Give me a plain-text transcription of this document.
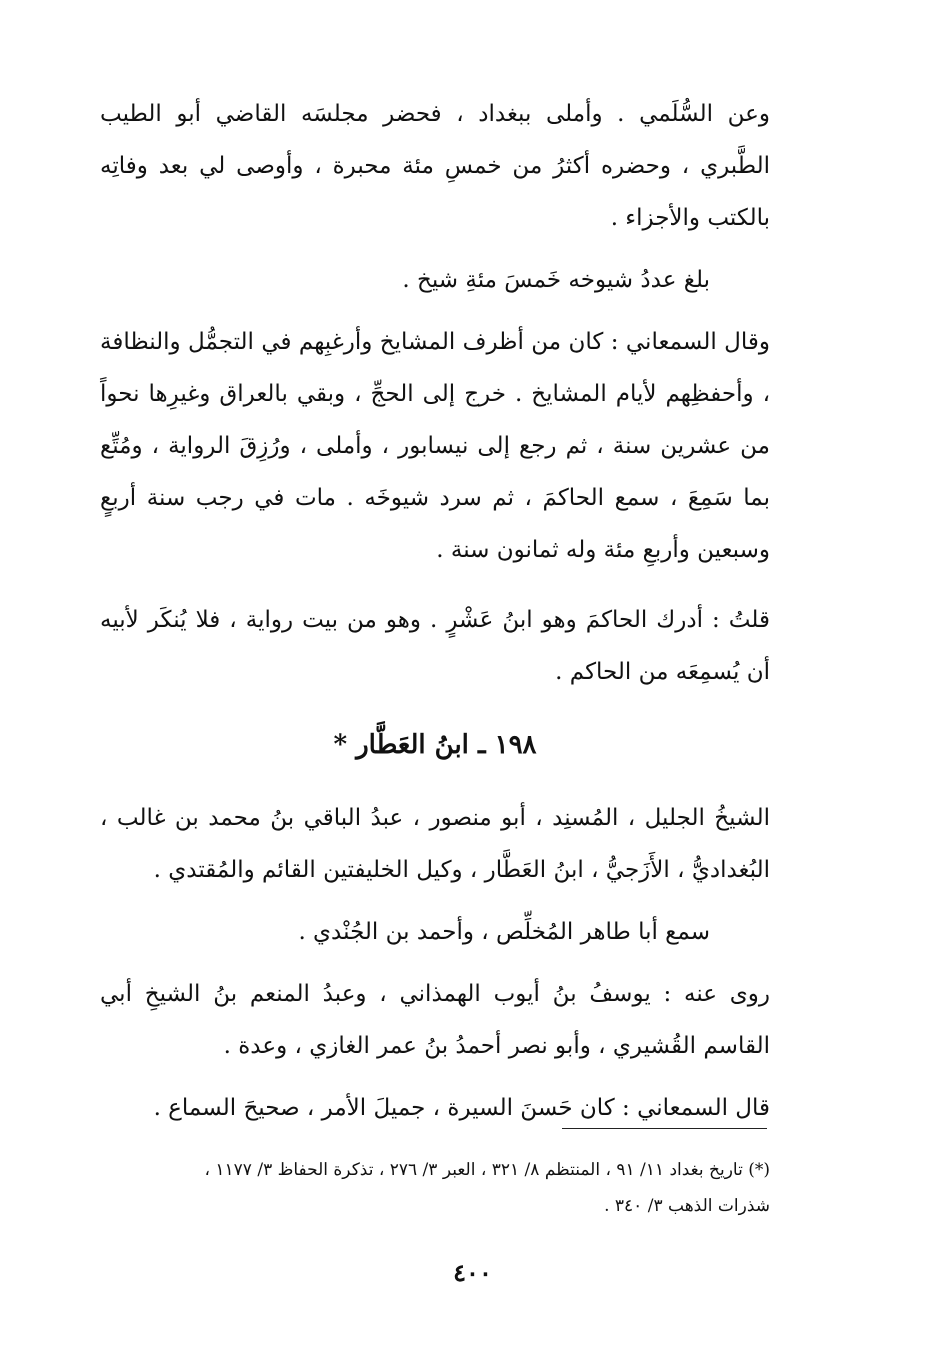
وعن السُّلَمي . وأملى ببغداد ، فحضر مجلسَه القاضي أبو الطيب الطَّبري ، وحضره أكثرُ من خمسِ مئة محبرة ، وأوصى لي بعد وفاتِه بالكتب والأجزاء .

بلغ عددُ شيوخه خَمسَ مئةِ شيخ .

وقال السمعاني : كان من أظرف المشايخ وأرغبِهم في التجمُّل والنظافة ، وأحفظِهم لأيام المشايخ . خرج إلى الحجِّ ، وبقي بالعراق وغيرِها نحواً من عشرين سنة ، ثم رجع إلى نيسابور ، وأملى ، ورُزِقَ الرواية ، ومُتِّع بما سَمِعَ ، سمع الحاكمَ ، ثم سرد شيوخَه . مات في رجب سنة أربعٍ وسبعين وأربعِ مئة وله ثمانون سنة .

قلتُ : أدرك الحاكمَ وهو ابنُ عَشْرٍ . وهو من بيت رواية ، فلا يُنكَر لأبيه أن يُسمِعَه من الحاكم .

١٩٨ ـ ابنُ العَطَّار *

الشيخُ الجليل ، المُسنِد ، أبو منصور ، عبدُ الباقي بنُ محمد بن غالب ، البُغداديُّ ، الأَزَجيُّ ، ابنُ العَطَّار ، وكيل الخليفتين القائم والمُقتدي .

سمع أبا طاهر المُخلِّص ، وأحمد بن الجُنْدي .

روى عنه : يوسفُ بنُ أيوب الهمذاني ، وعبدُ المنعم بنُ الشيخِ أبي القاسم القُشيري ، وأبو نصر أحمدُ بنُ عمر الغازي ، وعدة .

قال السمعاني : كان حَسنَ السيرة ، جميلَ الأمر ، صحيحَ السماع .

(*) تاريخ بغداد ١١/ ٩١ ، المنتظم ٨/ ٣٢١ ، العبر ٣/ ٢٧٦ ، تذكرة الحفاظ ٣/ ١١٧٧ ،

شذرات الذهب ٣/ ٣٤٠ .

٤٠٠
